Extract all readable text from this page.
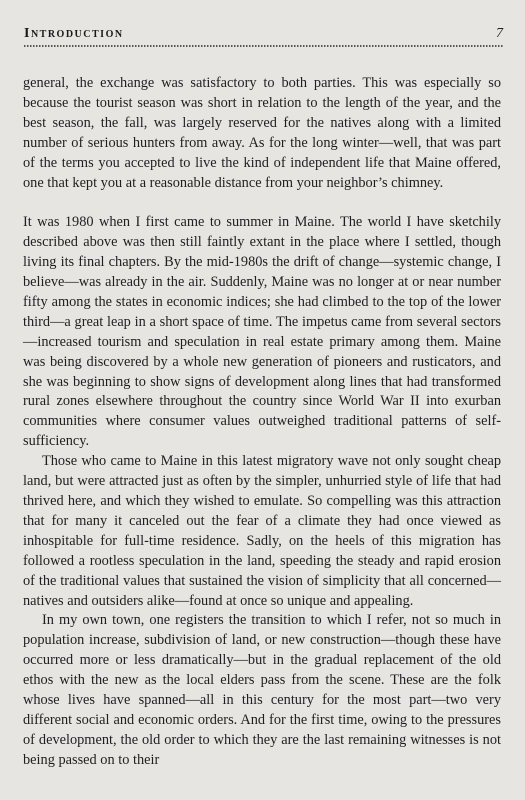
Introduction	7

general, the exchange was satisfactory to both parties. This was especially so because the tourist season was short in relation to the length of the year, and the best season, the fall, was largely reserved for the natives along with a limited number of serious hunters from away. As for the long winter—well, that was part of the terms you accepted to live the kind of independent life that Maine offered, one that kept you at a reasonable distance from your neighbor’s chimney.

It was 1980 when I first came to summer in Maine. The world I have sketchily described above was then still faintly extant in the place where I settled, though living its final chapters. By the mid-1980s the drift of change—systemic change, I believe—was already in the air. Suddenly, Maine was no longer at or near number fifty among the states in economic indices; she had climbed to the top of the lower third—a great leap in a short space of time. The impetus came from several sectors—increased tourism and speculation in real estate primary among them. Maine was being discovered by a whole new generation of pioneers and rusticators, and she was beginning to show signs of development along lines that had transformed rural zones elsewhere throughout the country since World War II into exurban communities where consumer values outweighed traditional patterns of self-sufficiency.

Those who came to Maine in this latest migratory wave not only sought cheap land, but were attracted just as often by the simpler, unhurried style of life that had thrived here, and which they wished to emulate. So compelling was this attraction that for many it canceled out the fear of a climate they had once viewed as inhospitable for full-time residence. Sadly, on the heels of this migration has followed a rootless speculation in the land, speeding the steady and rapid erosion of the traditional values that sustained the vision of simplicity that all concerned—natives and outsiders alike—found at once so unique and appealing.

In my own town, one registers the transition to which I refer, not so much in population increase, subdivision of land, or new construction—though these have occurred more or less dramatically—but in the gradual replacement of the old ethos with the new as the local elders pass from the scene. These are the folk whose lives have spanned—all in this century for the most part—two very different social and economic orders. And for the first time, owing to the pressures of development, the old order to which they are the last remaining witnesses is not being passed on to their
